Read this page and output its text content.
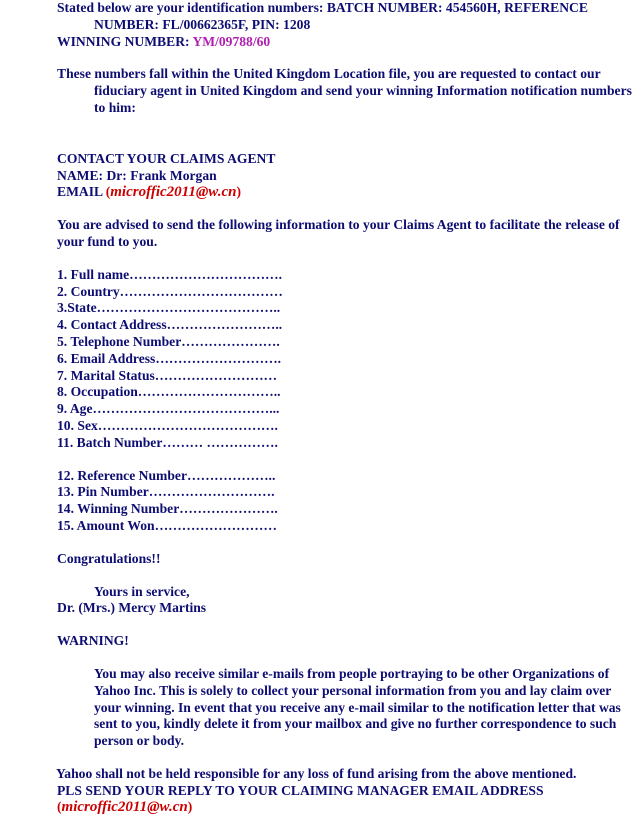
Stated below are your identification numbers: BATCH NUMBER: 454560H, REFERENCE NUMBER: FL/00662365F, PIN: 1208

WINNING NUMBER: YM/09788/60

These numbers fall within the United Kingdom Location file, you are requested to contact our fiduciary agent in United Kingdom and send your winning Information notification numbers to him:

CONTACT YOUR CLAIMS AGENT

NAME: Dr: Frank Morgan

EMAIL (microffic2011@w.cn)

You are advised to send the following information to your Claims Agent to facilitate the release of your fund to you.

1. Full name…………………………….
2. Country………………………………
3.State…………………………………..
4. Contact Address……………………..
5. Telephone Number………………….
6. Email Address……………………….
7. Marital Status………………………
8. Occupation…………………………..
9. Age…………………………………...
10. Sex………………………………….
11. Batch Number……… …………….
12. Reference Number………………..
13. Pin Number……………………….
14. Winning Number………………….
15. Amount Won………………………

Congratulations!!

Yours in service,

Dr. (Mrs.) Mercy Martins

WARNING!

You may also receive similar e-mails from people portraying to be other Organizations of Yahoo Inc. This is solely to collect your personal information from you and lay claim over your winning. In event that you receive any e-mail similar to the notification letter that was sent to you, kindly delete it from your mailbox and give no further correspondence to such person or body.

Yahoo shall not be held responsible for any loss of fund arising from the above mentioned.

PLS SEND YOUR REPLY TO YOUR CLAIMING MANAGER EMAIL ADDRESS

(microffic2011@w.cn)
